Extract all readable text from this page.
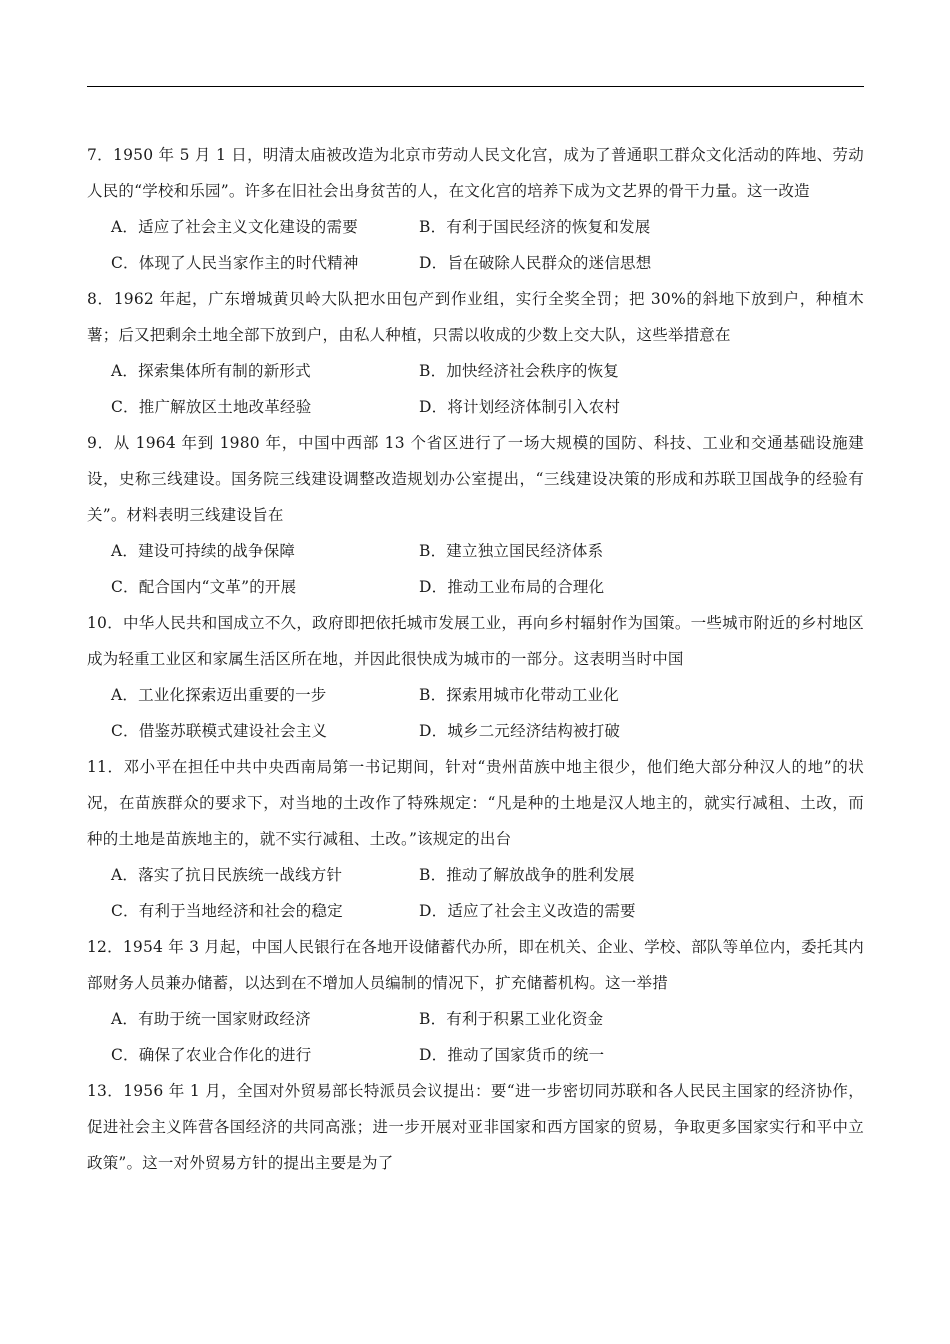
7．1950 年 5 月 1 日，明清太庙被改造为北京市劳动人民文化宫，成为了普通职工群众文化活动的阵地、劳动人民的“学校和乐园”。许多在旧社会出身贫苦的人，在文化宫的培养下成为文艺界的骨干力量。这一改造

A．适应了社会主义文化建设的需要	B．有利于国民经济的恢复和发展
C．体现了人民当家作主的时代精神	D．旨在破除人民群众的迷信思想

8．1962 年起，广东增城黄贝岭大队把水田包产到作业组，实行全奖全罚；把 30%的斜地下放到户，种植木薯；后又把剩余土地全部下放到户，由私人种植，只需以收成的少数上交大队，这些举措意在

A．探索集体所有制的新形式	B．加快经济社会秩序的恢复
C．推广解放区土地改革经验	D．将计划经济体制引入农村

9．从 1964 年到 1980 年，中国中西部 13 个省区进行了一场大规模的国防、科技、工业和交通基础设施建设，史称三线建设。国务院三线建设调整改造规划办公室提出，“三线建设决策的形成和苏联卫国战争的经验有关”。材料表明三线建设旨在

A．建设可持续的战争保障	B．建立独立国民经济体系
C．配合国内“文革”的开展	D．推动工业布局的合理化

10．中华人民共和国成立不久，政府即把依托城市发展工业，再向乡村辐射作为国策。一些城市附近的乡村地区成为轻重工业区和家属生活区所在地，并因此很快成为城市的一部分。这表明当时中国

A．工业化探索迈出重要的一步	B．探索用城市化带动工业化
C．借鉴苏联模式建设社会主义	D．城乡二元经济结构被打破

11．邓小平在担任中共中央西南局第一书记期间，针对“贵州苗族中地主很少，他们绝大部分种汉人的地”的状况，在苗族群众的要求下，对当地的土改作了特殊规定：“凡是种的土地是汉人地主的，就实行减租、土改，而种的土地是苗族地主的，就不实行减租、土改。”该规定的出台

A．落实了抗日民族统一战线方针	B．推动了解放战争的胜利发展
C．有利于当地经济和社会的稳定	D．适应了社会主义改造的需要

12．1954 年 3 月起，中国人民银行在各地开设储蓄代办所，即在机关、企业、学校、部队等单位内，委托其内部财务人员兼办储蓄，以达到在不增加人员编制的情况下，扩充储蓄机构。这一举措

A．有助于统一国家财政经济	B．有利于积累工业化资金
C．确保了农业合作化的进行	D．推动了国家货币的统一

13．1956 年 1 月，全国对外贸易部长特派员会议提出：要“进一步密切同苏联和各人民民主国家的经济协作，促进社会主义阵营各国经济的共同高涨；进一步开展对亚非国家和西方国家的贸易，争取更多国家实行和平中立政策”。这一对外贸易方针的提出主要是为了
